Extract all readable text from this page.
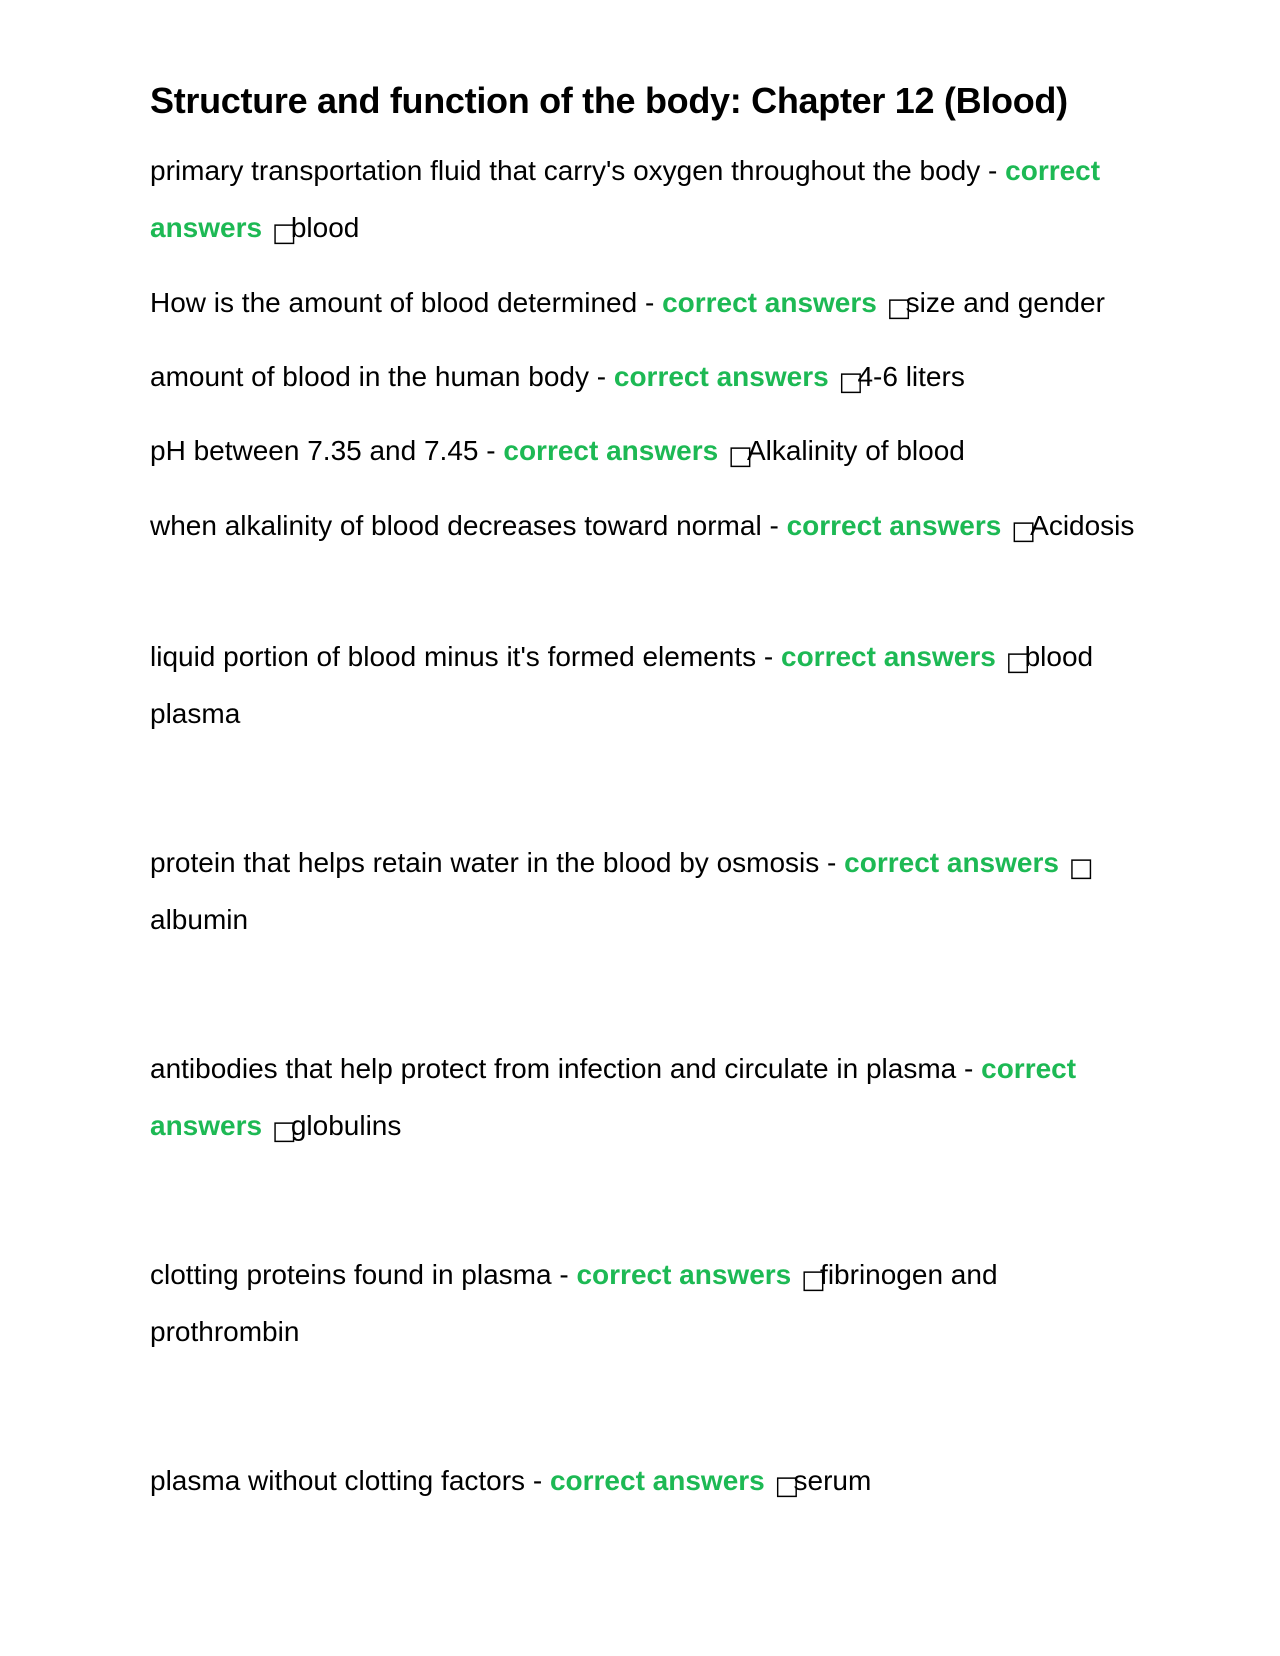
Structure and function of the body: Chapter 12 (Blood)

primary transportation fluid that carry's oxygen throughout the body - correct answers □blood

How is the amount of blood determined - correct answers □size and gender

amount of blood in the human body - correct answers □4-6 liters

pH between 7.35 and 7.45 - correct answers □Alkalinity of blood

when alkalinity of blood decreases toward normal - correct answers □Acidosis

liquid portion of blood minus it's formed elements - correct answers □blood plasma

protein that helps retain water in the blood by osmosis - correct answers □albumin

antibodies that help protect from infection and circulate in plasma - correct answers □globulins

clotting proteins found in plasma - correct answers □fibrinogen and prothrombin

plasma without clotting factors - correct answers □serum
